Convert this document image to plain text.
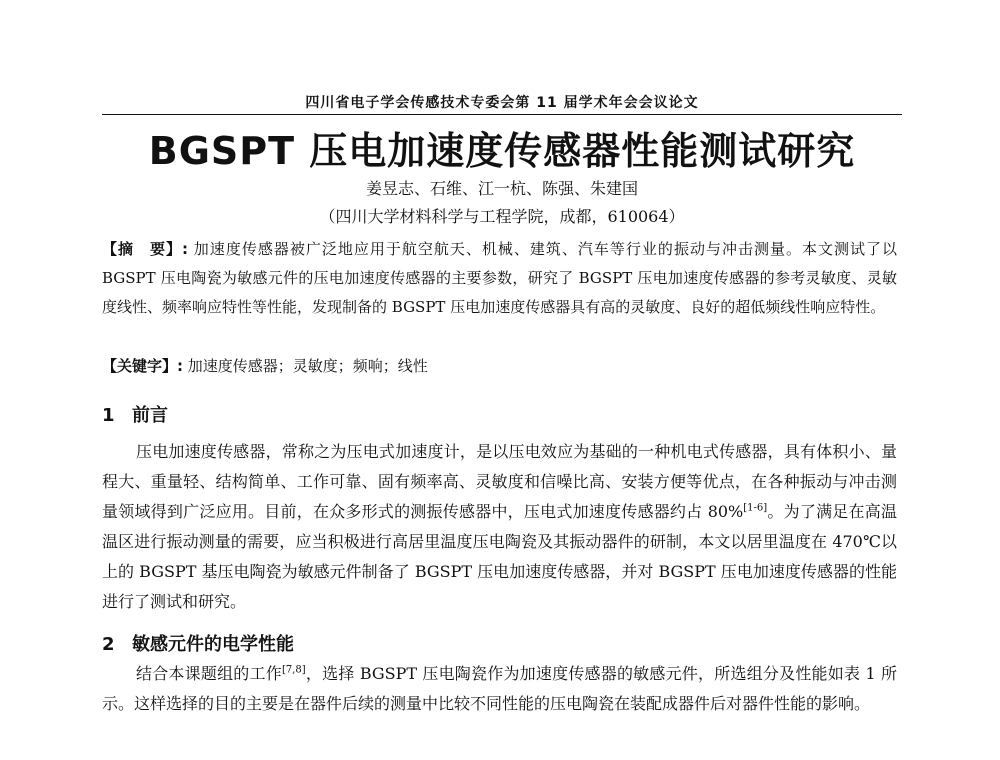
四川省电子学会传感技术专委会第 11 届学术年会会议论文
BGSPT 压电加速度传感器性能测试研究
姜昱志、石维、江一杭、陈强、朱建国
（四川大学材料科学与工程学院，成都，610064）
【摘　要】: 加速度传感器被广泛地应用于航空航天、机械、建筑、汽车等行业的振动与冲击测量。本文测试了以 BGSPT 压电陶瓷为敏感元件的压电加速度传感器的主要参数，研究了 BGSPT 压电加速度传感器的参考灵敏度、灵敏度线性、频率响应特性等性能，发现制备的 BGSPT 压电加速度传感器具有高的灵敏度、良好的超低频线性响应特性。
【关键字】: 加速度传感器；灵敏度；频响；线性
1 前言
压电加速度传感器，常称之为压电式加速度计，是以压电效应为基础的一种机电式传感器，具有体积小、量程大、重量轻、结构简单、工作可靠、固有频率高、灵敏度和信噪比高、安装方便等优点，在各种振动与冲击测量领域得到广泛应用。目前，在众多形式的测振传感器中，压电式加速度传感器约占 80%[1-6]。为了满足在高温温区进行振动测量的需要，应当积极进行高居里温度压电陶瓷及其振动器件的研制，本文以居里温度在 470℃以上的 BGSPT 基压电陶瓷为敏感元件制备了 BGSPT 压电加速度传感器，并对 BGSPT 压电加速度传感器的性能进行了测试和研究。
2 敏感元件的电学性能
结合本课题组的工作[7,8]，选择 BGSPT 压电陶瓷作为加速度传感器的敏感元件，所选组分及性能如表 1 所示。这样选择的目的主要是在器件后续的测量中比较不同性能的压电陶瓷在装配成器件后对器件性能的影响。
